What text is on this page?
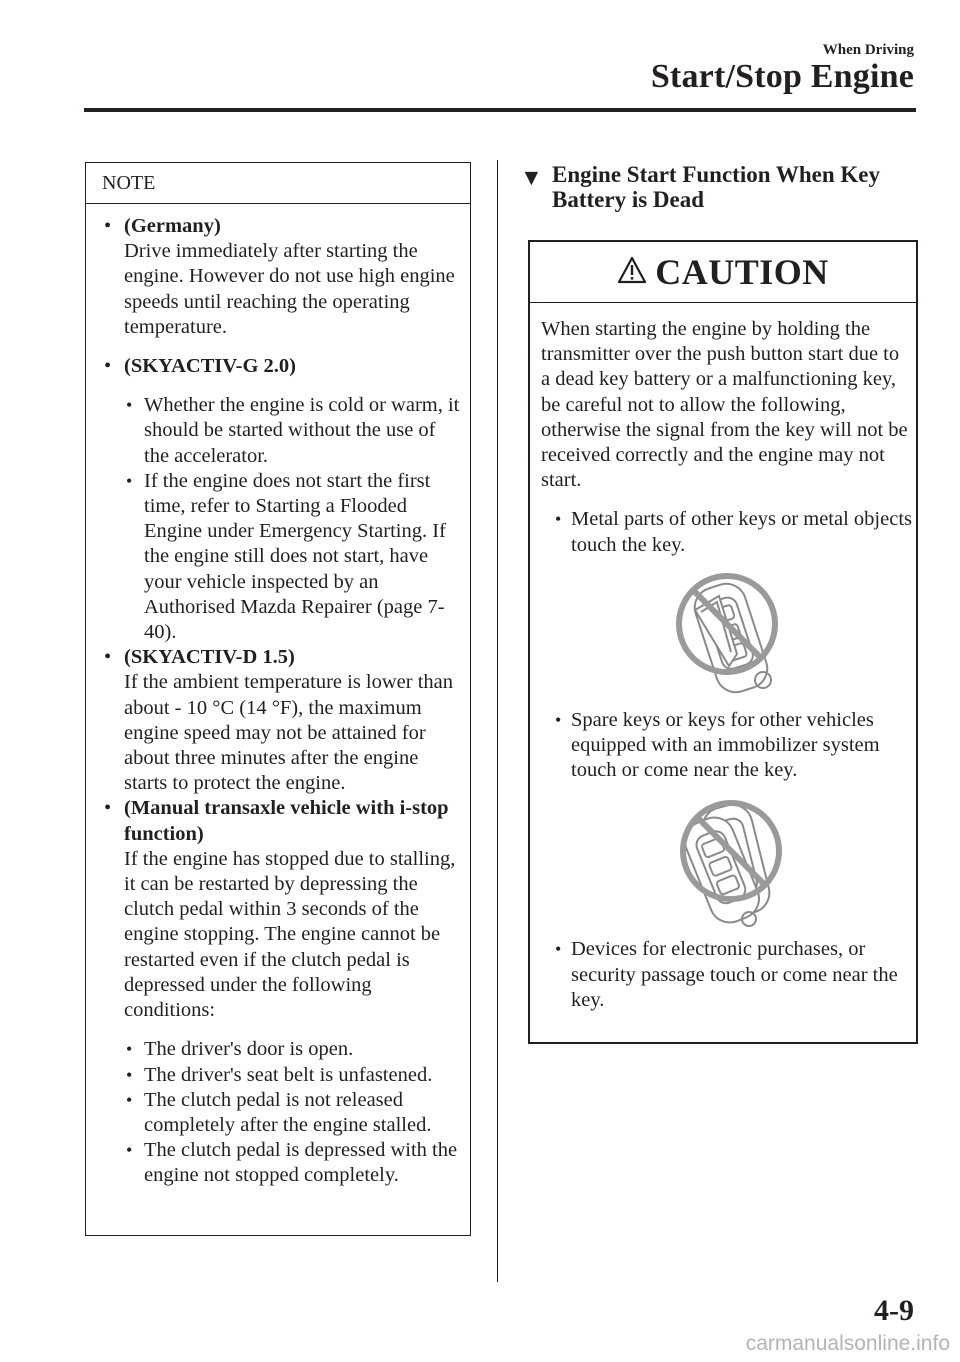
When Driving
Start/Stop Engine
NOTE
• (Germany)
Drive immediately after starting the engine. However do not use high engine speeds until reaching the operating temperature.
• (SKYACTIV-G 2.0)
• Whether the engine is cold or warm, it should be started without the use of the accelerator.
• If the engine does not start the first time, refer to Starting a Flooded Engine under Emergency Starting. If the engine still does not start, have your vehicle inspected by an Authorised Mazda Repairer (page 7-40).
• (SKYACTIV-D 1.5)
If the ambient temperature is lower than about - 10 °C (14 °F), the maximum engine speed may not be attained for about three minutes after the engine starts to protect the engine.
• (Manual transaxle vehicle with i-stop function)
If the engine has stopped due to stalling, it can be restarted by depressing the clutch pedal within 3 seconds of the engine stopping. The engine cannot be restarted even if the clutch pedal is depressed under the following conditions:
• The driver's door is open.
• The driver's seat belt is unfastened.
• The clutch pedal is not released completely after the engine stalled.
• The clutch pedal is depressed with the engine not stopped completely.
▼ Engine Start Function When Key Battery is Dead
CAUTION
When starting the engine by holding the transmitter over the push button start due to a dead key battery or a malfunctioning key, be careful not to allow the following, otherwise the signal from the key will not be received correctly and the engine may not start.
• Metal parts of other keys or metal objects touch the key.
• Spare keys or keys for other vehicles equipped with an immobilizer system touch or come near the key.
• Devices for electronic purchases, or security passage touch or come near the key.
4-9
carmanualsonline.info
